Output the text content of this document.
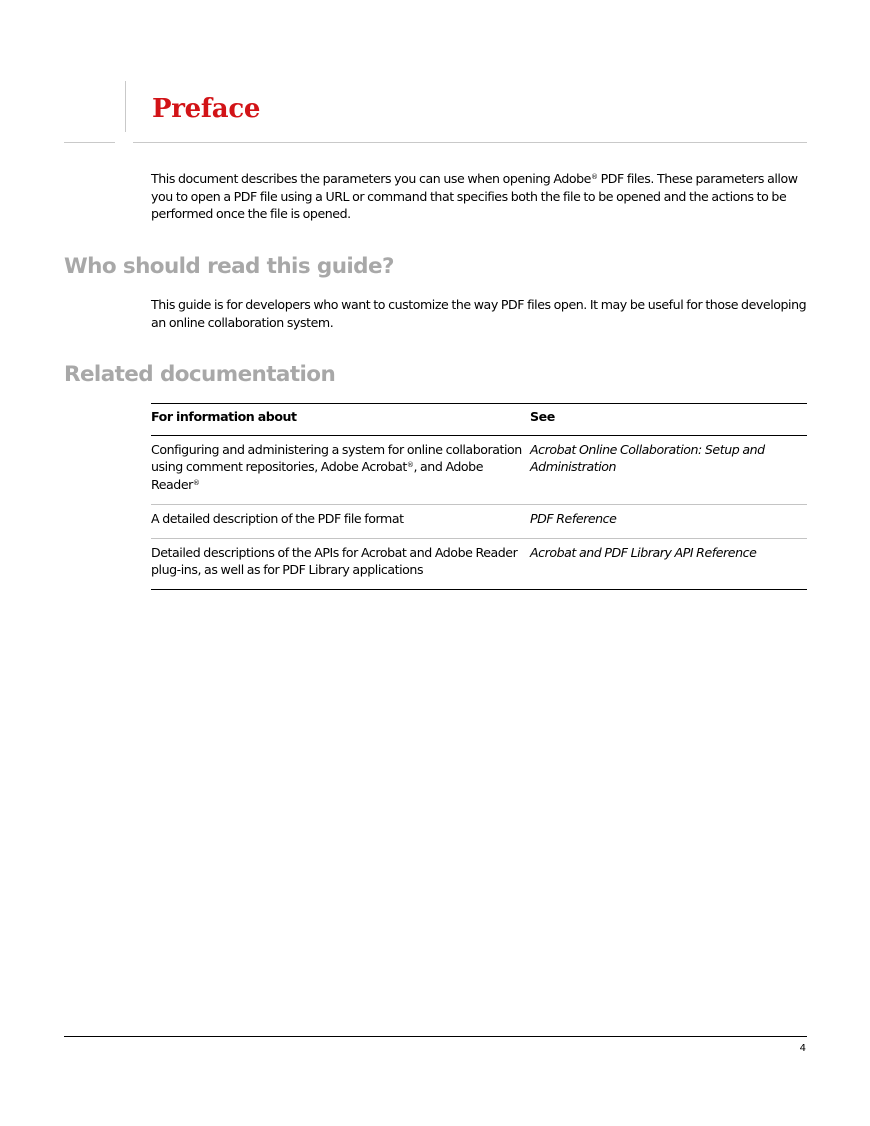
Preface

This document describes the parameters you can use when opening Adobe® PDF files. These parameters allow you to open a PDF file using a URL or command that specifies both the file to be opened and the actions to be performed once the file is opened.

Who should read this guide?

This guide is for developers who want to customize the way PDF files open. It may be useful for those developing an online collaboration system.

Related documentation
For information about	See
Configuring and administering a system for online collaboration using comment repositories, Adobe Acrobat®, and Adobe Reader®	Acrobat Online Collaboration: Setup and Administration
A detailed description of the PDF file format	PDF Reference
Detailed descriptions of the APIs for Acrobat and Adobe Reader plug-ins, as well as for PDF Library applications	Acrobat and PDF Library API Reference
4
